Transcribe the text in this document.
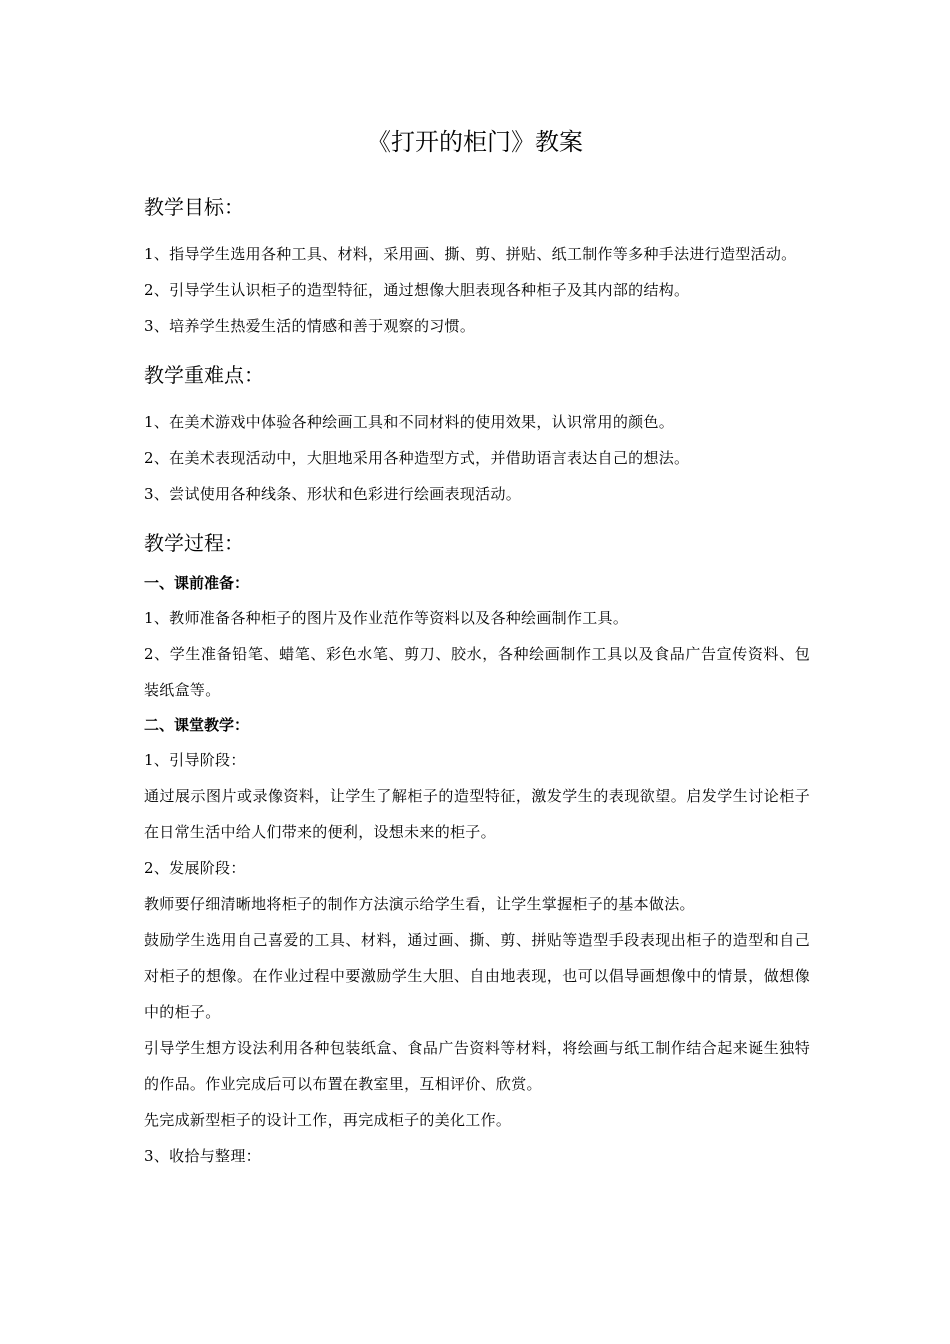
《打开的柜门》教案
教学目标：

1、指导学生选用各种工具、材料，采用画、撕、剪、拼贴、纸工制作等多种手法进行造型活动。

2、引导学生认识柜子的造型特征，通过想像大胆表现各种柜子及其内部的结构。

3、培养学生热爱生活的情感和善于观察的习惯。

教学重难点：

1、在美术游戏中体验各种绘画工具和不同材料的使用效果，认识常用的颜色。

2、在美术表现活动中，大胆地采用各种造型方式，并借助语言表达自己的想法。

3、尝试使用各种线条、形状和色彩进行绘画表现活动。

教学过程：

一、课前准备：

1、教师准备各种柜子的图片及作业范作等资料以及各种绘画制作工具。

2、学生准备铅笔、蜡笔、彩色水笔、剪刀、胶水，各种绘画制作工具以及食品广告宣传资料、包装纸盒等。

二、课堂教学：

1、引导阶段：

通过展示图片或录像资料，让学生了解柜子的造型特征，激发学生的表现欲望。启发学生讨论柜子在日常生活中给人们带来的便利，设想未来的柜子。

2、发展阶段：

教师要仔细清晰地将柜子的制作方法演示给学生看，让学生掌握柜子的基本做法。

鼓励学生选用自己喜爱的工具、材料，通过画、撕、剪、拼贴等造型手段表现出柜子的造型和自己对柜子的想像。在作业过程中要激励学生大胆、自由地表现，也可以倡导画想像中的情景，做想像中的柜子。

引导学生想方设法利用各种包装纸盒、食品广告资料等材料，将绘画与纸工制作结合起来诞生独特的作品。作业完成后可以布置在教室里，互相评价、欣赏。

先完成新型柜子的设计工作，再完成柜子的美化工作。

3、收拾与整理：
